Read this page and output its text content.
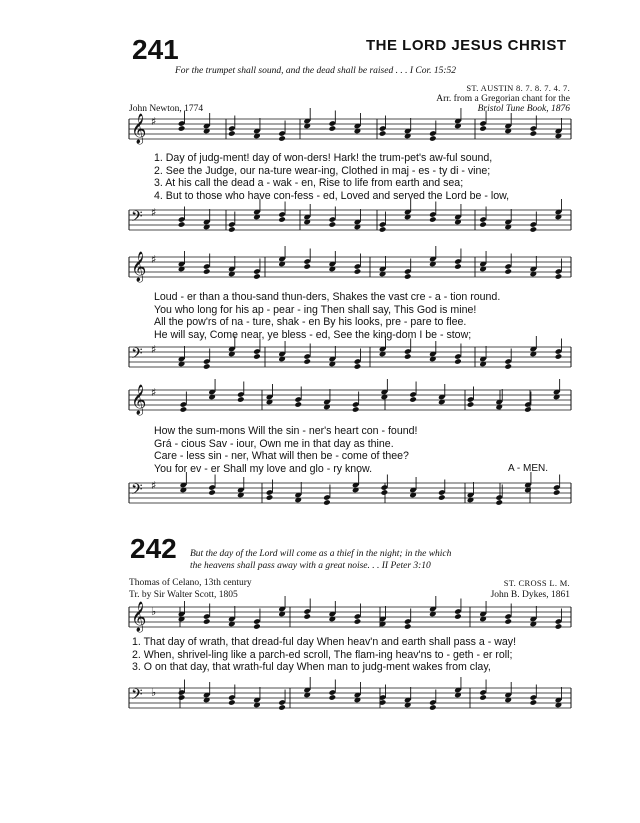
241	THE LORD JESUS CHRIST
For the trumpet shall sound, and the dead shall be raised . . . I Cor. 15:52
ST. AUSTIN 8. 7. 8. 7. 4. 7.
Arr. from a Gregorian chant for the
Bristol Tune Book, 1876
John Newton, 1774
𝄞 ♯
𝄢 ♯
𝄞 ♯
𝄢 ♯
𝄞 ♯
𝄢 ♯
𝄞 ♭
𝄢 ♭
1. Day of judg-ment! day of won-ders! Hark! the trum-pet's aw-ful sound,
2. See the Judge, our na-ture wear-ing, Clothed in maj - es - ty di - vine;
3. At his call the dead a - wak - en, Rise to life from earth and sea;
4. But to those who have con-fess - ed, Loved and served the Lord be - low,
Loud - er than a thou-sand thun-ders, Shakes the vast cre - a - tion round.
You who long for his ap - pear - ing Then shall say, This God is mine!
All the pow'rs of na - ture, shak - en By his looks, pre - pare to flee.
He will say, Come near, ye bless - ed, See the king-dom I be - stow;
How the sum-mons Will the sin - ner's heart con - found!
Grá - cious Sav - iour, Own me in that day as thine.
Care - less sin - ner, What will then be - come of thee?
You for ev - er Shall my love and glo - ry know.	A - MEN.
242 But the day of the Lord will come as a thief in the night; in the which
the heavens shall pass away with a great noise. . . II Peter 3:10
Thomas of Celano, 13th century
Tr. by Sir Walter Scott, 1805
ST. CROSS L. M.
John B. Dykes, 1861
1. That day of wrath, that dread-ful day When heav'n and earth shall pass a - way!
2. When, shrivel-ling like a parch-ed scroll, The flam-ing heav'ns to - geth - er roll;
3. O on that day, that wrath-ful day When man to judg-ment wakes from clay,
